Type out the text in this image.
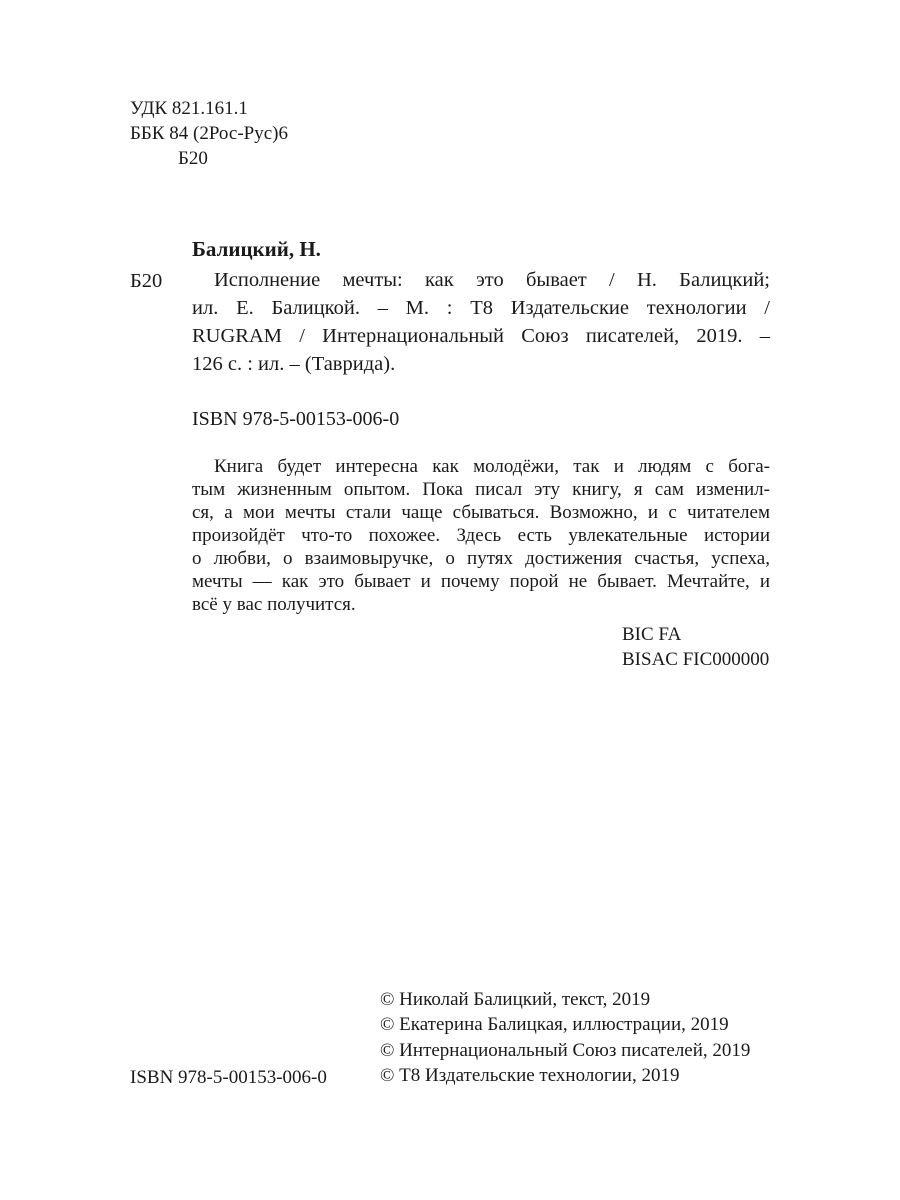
УДК 821.161.1
ББК 84 (2Рос-Рус)6
Б20
Балицкий, Н.
Б20	Исполнение мечты: как это бывает / Н. Балицкий;
ил. Е. Балицкой. – М. : Т8 Издательские технологии /
RUGRAM / Интернациональный Союз писателей, 2019. –
126 с. : ил. – (Таврида).
ISBN 978-5-00153-006-0
Книга будет интересна как молодёжи, так и людям с бога-
тым жизненным опытом. Пока писал эту книгу, я сам изменил-
ся, а мои мечты стали чаще сбываться. Возможно, и с читателем
произойдёт что-то похожее. Здесь есть увлекательные истории
о любви, о взаимовыручке, о путях достижения счастья, успеха,
мечты — как это бывает и почему порой не бывает. Мечтайте, и
всё у вас получится.
BIC FA
BISAC FIC000000
ISBN 978-5-00153-006-0
© Николай Балицкий, текст, 2019
© Екатерина Балицкая, иллюстрации, 2019
© Интернациональный Союз писателей, 2019
© Т8 Издательские технологии, 2019
